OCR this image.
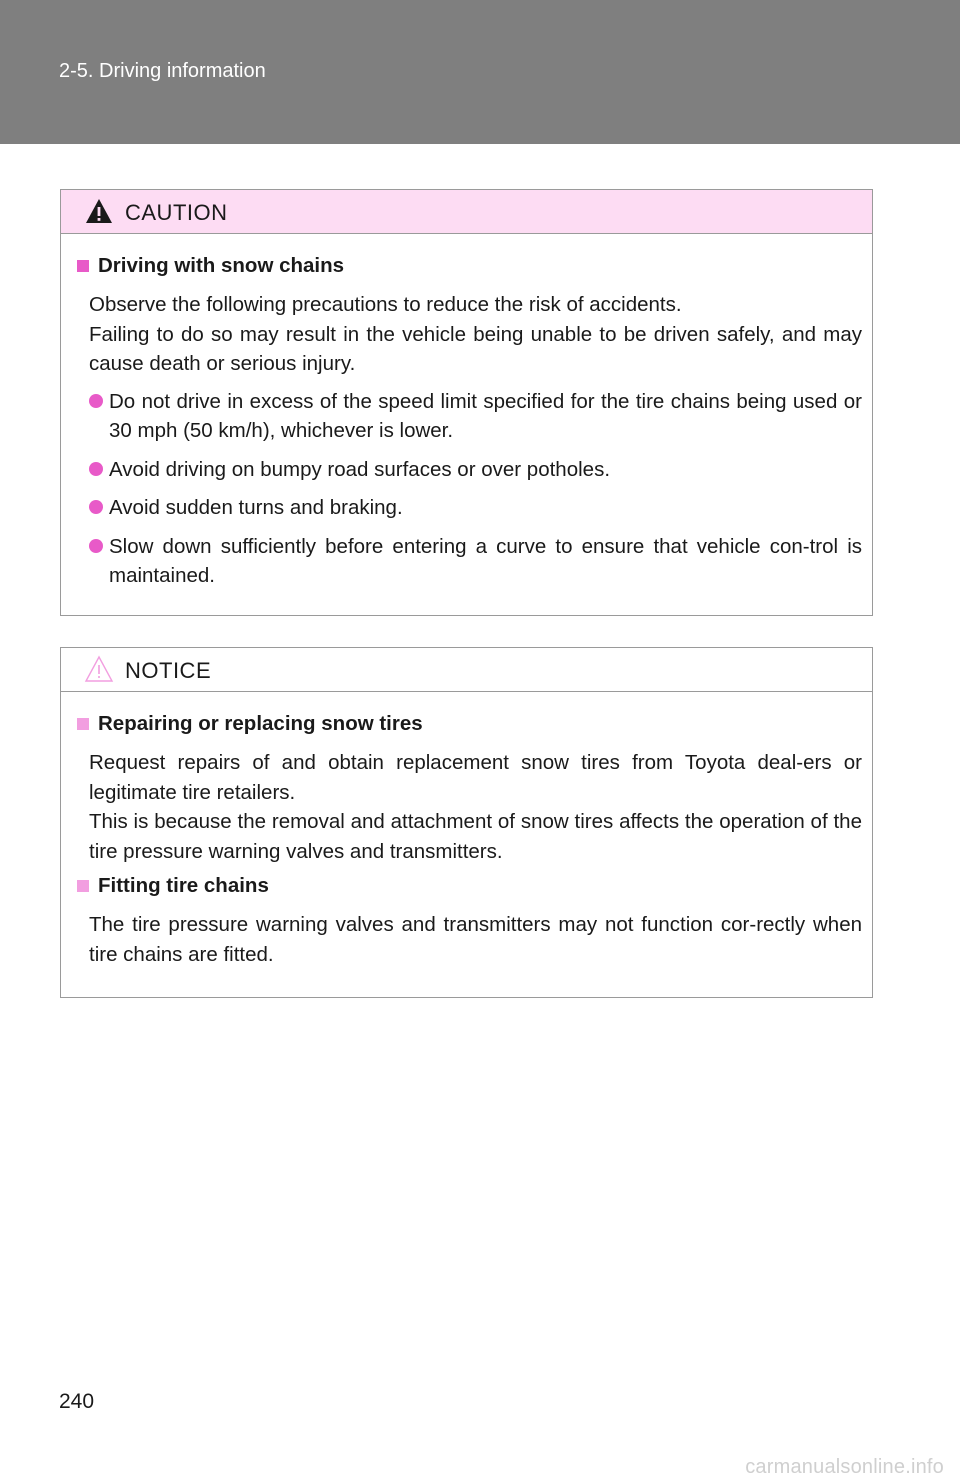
2-5. Driving information
CAUTION
Driving with snow chains

Observe the following precautions to reduce the risk of accidents.

Failing to do so may result in the vehicle being unable to be driven safely, and may cause death or serious injury.

Do not drive in excess of the speed limit specified for the tire chains being used or 30 mph (50 km/h), whichever is lower.
Avoid driving on bumpy road surfaces or over potholes.
Avoid sudden turns and braking.
Slow down sufficiently before entering a curve to ensure that vehicle con-trol is maintained.
NOTICE
Repairing or replacing snow tires

Request repairs of and obtain replacement snow tires from Toyota deal-ers or legitimate tire retailers.

This is because the removal and attachment of snow tires affects the operation of the tire pressure warning valves and transmitters.

Fitting tire chains

The tire pressure warning valves and transmitters may not function cor-rectly when tire chains are fitted.

240
carmanualsonline.info
